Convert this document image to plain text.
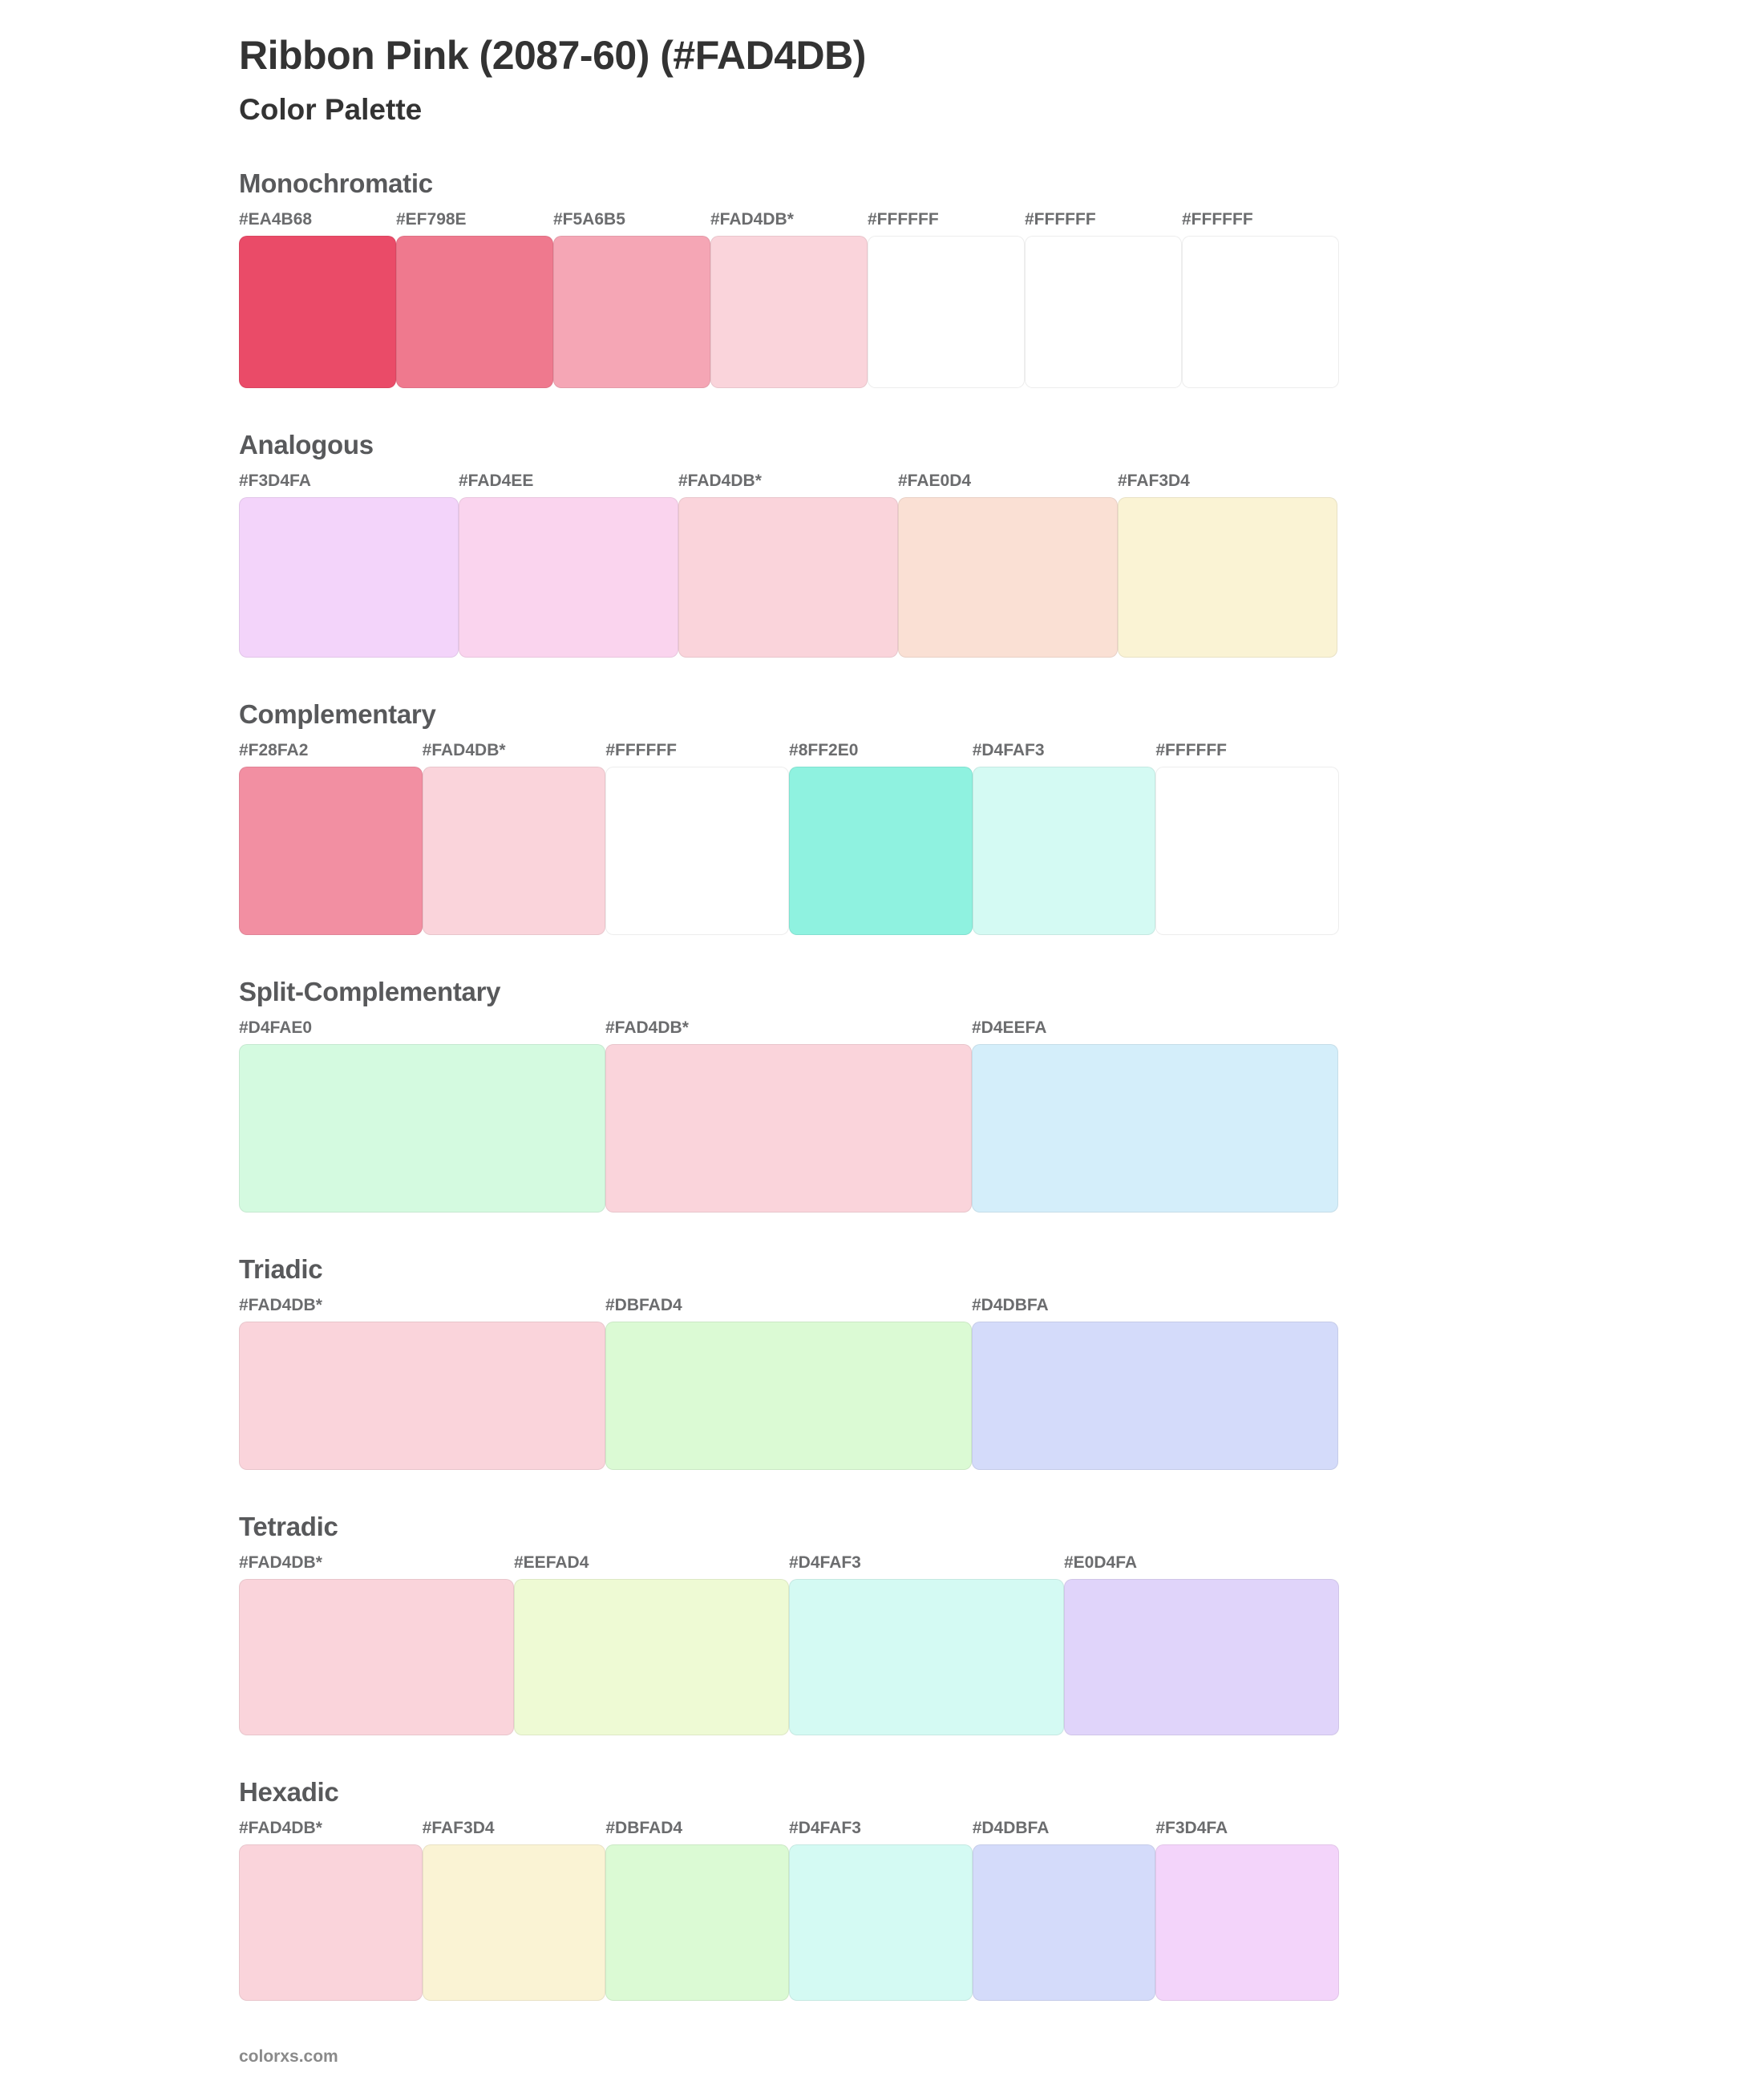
Ribbon Pink (2087-60) (#FAD4DB)
Color Palette
Monochromatic
#EA4B68	#EF798E	#F5A6B5	#FAD4DB*	#FFFFFF	#FFFFFF	#FFFFFF
Analogous
#F3D4FA	#FAD4EE	#FAD4DB*	#FAE0D4	#FAF3D4
Complementary
#F28FA2	#FAD4DB*	#FFFFFF	#8FF2E0	#D4FAF3	#FFFFFF
Split-Complementary
#D4FAE0	#FAD4DB*	#D4EEFA
Triadic
#FAD4DB*	#DBFAD4	#D4DBFA
Tetradic
#FAD4DB*	#EEFAD4	#D4FAF3	#E0D4FA
Hexadic
#FAD4DB*	#FAF3D4	#DBFAD4	#D4FAF3	#D4DBFA	#F3D4FA
colorxs.com
